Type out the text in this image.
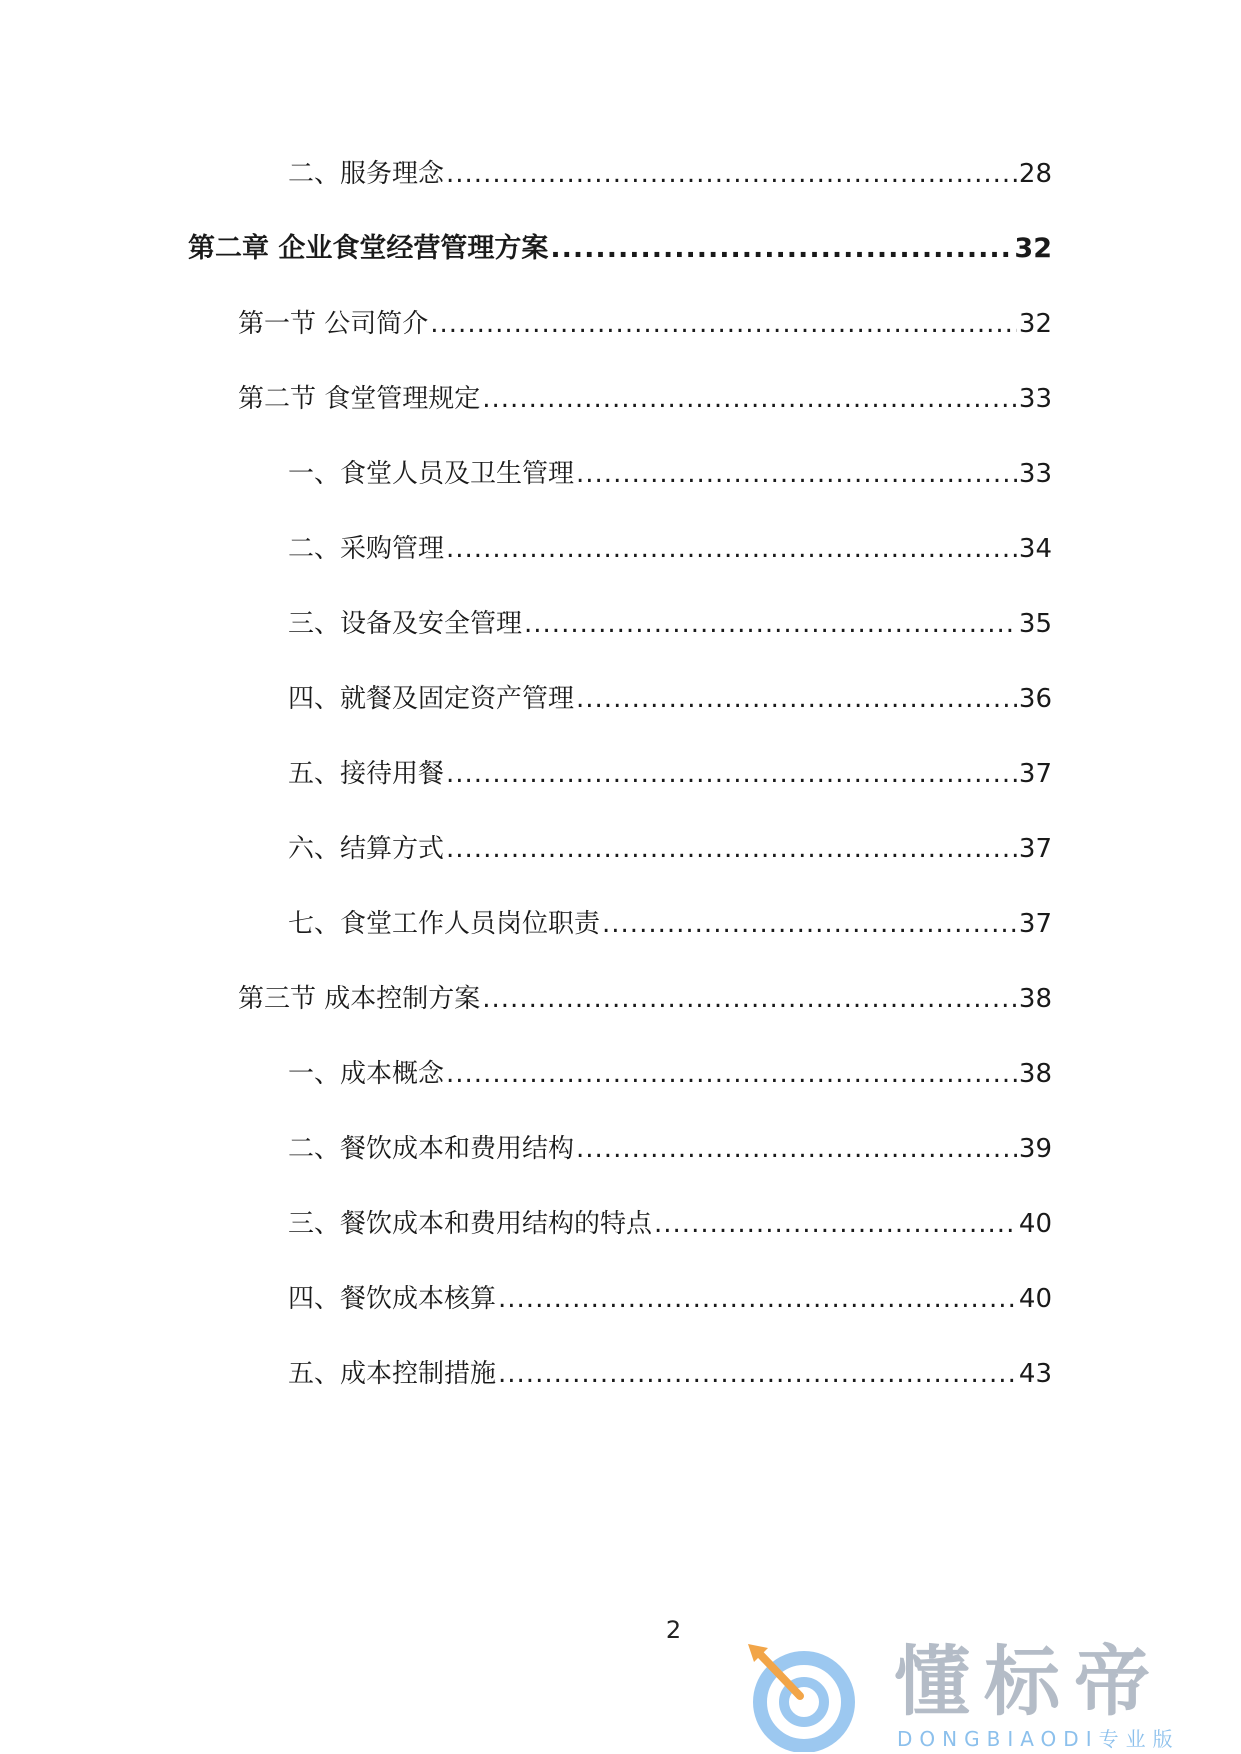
二、服务理念 .....	28
第二章 企业食堂经营管理方案 .....	32
第一节 公司简介 .....	32
第二节 食堂管理规定 .....	33
一、食堂人员及卫生管理 .....	33
二、采购管理 .....	34
三、设备及安全管理 .....	35
四、就餐及固定资产管理 .....	36
五、接待用餐 .....	37
六、结算方式 .....	37
七、食堂工作人员岗位职责 .....	37
第三节 成本控制方案 .....	38
一、成本概念 .....	38
二、餐饮成本和费用结构 .....	39
三、餐饮成本和费用结构的特点 .....	40
四、餐饮成本核算 .....	40
五、成本控制措施 .....	43
2
懂标帝
DONGBIAODI专业版
